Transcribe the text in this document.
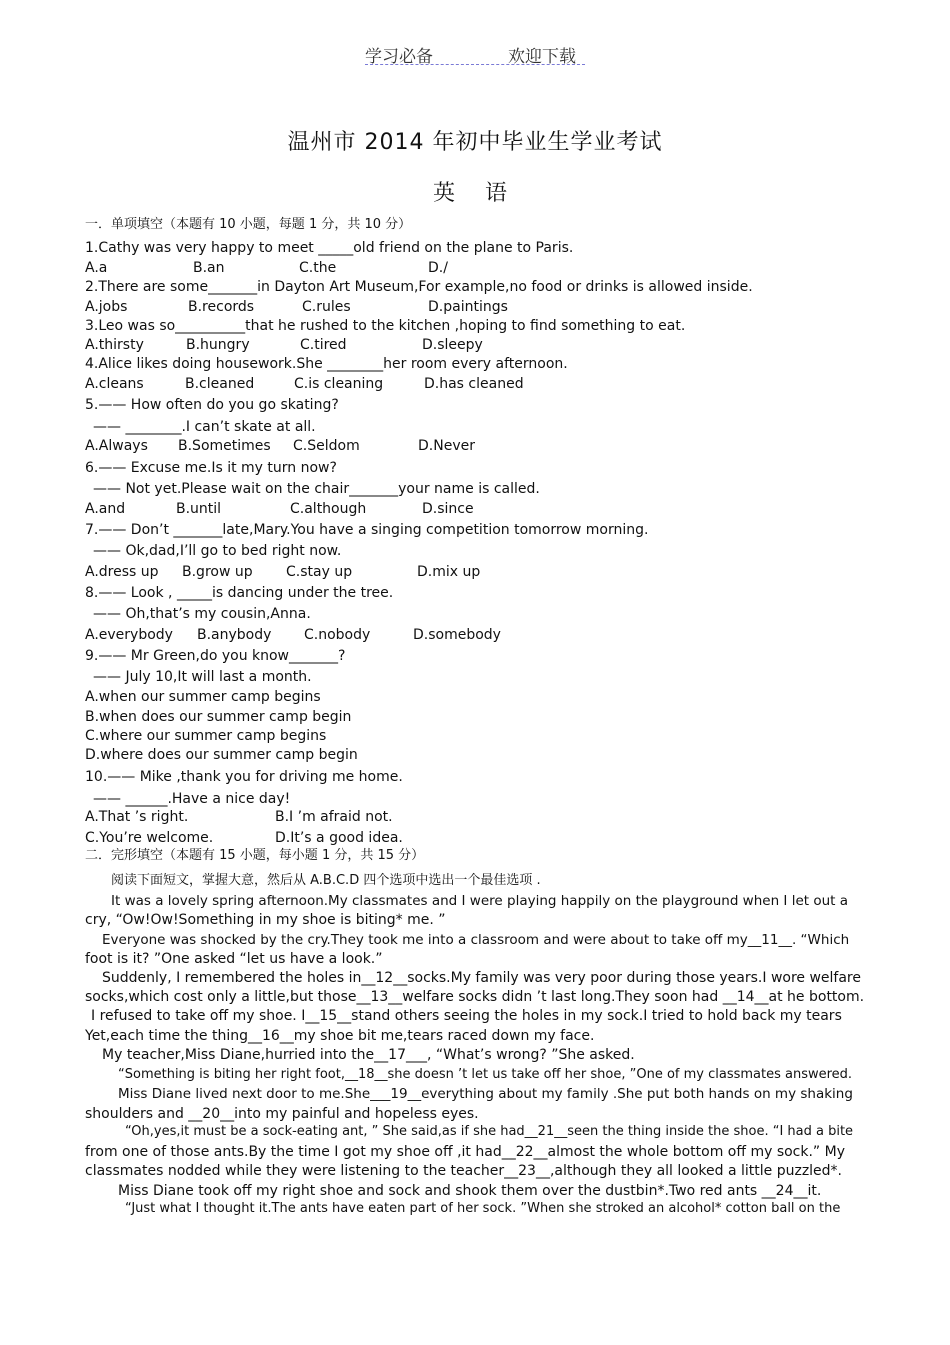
学习必备	欢迎下载
温州市 2014 年初中毕业生学业考试
英语
一．单项填空（本题有 10 小题，每题 1 分，共 10 分）
1.Cathy was very happy to meet _____old friend on the plane to Paris.
A.a	B.an	C.the	D./
2.There are some_______in Dayton Art Museum,For example,no food or drinks is allowed inside.
A.jobs	B.records	C.rules	D.paintings
3.Leo was so__________that he rushed to the kitchen ,hoping to find something to eat.
A.thirsty	B.hungry	C.tired	D.sleepy
4.Alice likes doing housework.She ________her room every afternoon.
A.cleans	B.cleaned	C.is cleaning	D.has cleaned
5.—— How often do you go skating?
—— ________.I can’t skate at all.
A.Always B.Sometimes C.Seldom	D.Never
6.—— Excuse me.Is it my turn now?
—— Not yet.Please wait on the chair_______your name is called.
A.and	B.until	C.although	D.since
7.—— Don’t _______late,Mary.You have a singing competition tomorrow morning.
—— Ok,dad,I’ll go to bed right now.
A.dress up B.grow up C.stay up	D.mix up
8.—— Look , _____is dancing under the tree.
—— Oh,that’s my cousin,Anna.
A.everybody B.anybody C.nobody	D.somebody
9.—— Mr Green,do you know_______?
—— July 10,It will last a month.
A.when our summer camp begins
B.when does our summer camp begin
C.where our summer camp begins
D.where does our summer camp begin
10.—— Mike ,thank you for driving me home.
—— ______.Have a nice day!
A.That ’s right.	B.I ’m afraid not.
C.You’re welcome.	D.It’s a good idea.
二．完形填空（本题有 15 小题，每小题 1 分，共 15 分）
阅读下面短文，掌握大意，然后从 A.B.C.D 四个选项中选出一个最佳选项 .
It was a lovely spring afternoon.My classmates and I were playing happily on the playground when I let out a
cry, “Ow!Ow!Something in my shoe is biting* me. ”
Everyone was shocked by the cry.They took me into a classroom and were about to take off my__11__. “Which
foot is it? ”One asked “let us have a look.”
Suddenly, I remembered the holes in__12__socks.My family was very poor during those years.I wore welfare
socks,which cost only a little,but those__13__welfare socks didn ’t last long.They soon had __14__at he bottom.
I refused to take off my shoe. I__15__stand others seeing the holes in my sock.I tried to hold back my tears
Yet,each time the thing__16__my shoe bit me,tears raced down my face.
My teacher,Miss Diane,hurried into the__17___, “What’s wrong? ”She asked.
“Something is biting her right foot,__18__she doesn ’t let us take off her shoe, ”One of my classmates answered.
Miss Diane lived next door to me.She___19__everything about my family .She put both hands on my shaking
shoulders and __20__into my painful and hopeless eyes.
“Oh,yes,it must be a sock-eating ant, ” She said,as if she had__21__seen the thing inside the shoe. “I had a bite
from one of those ants.By the time I got my shoe off ,it had__22__almost the whole bottom off my sock.” My
classmates nodded while they were listening to the teacher__23__,although they all looked a little puzzled*.
Miss Diane took off my right shoe and sock and shook them over the dustbin*.Two red ants __24__it.
“Just what I thought it.The ants have eaten part of her sock. ”When she stroked an alcohol* cotton ball on the
